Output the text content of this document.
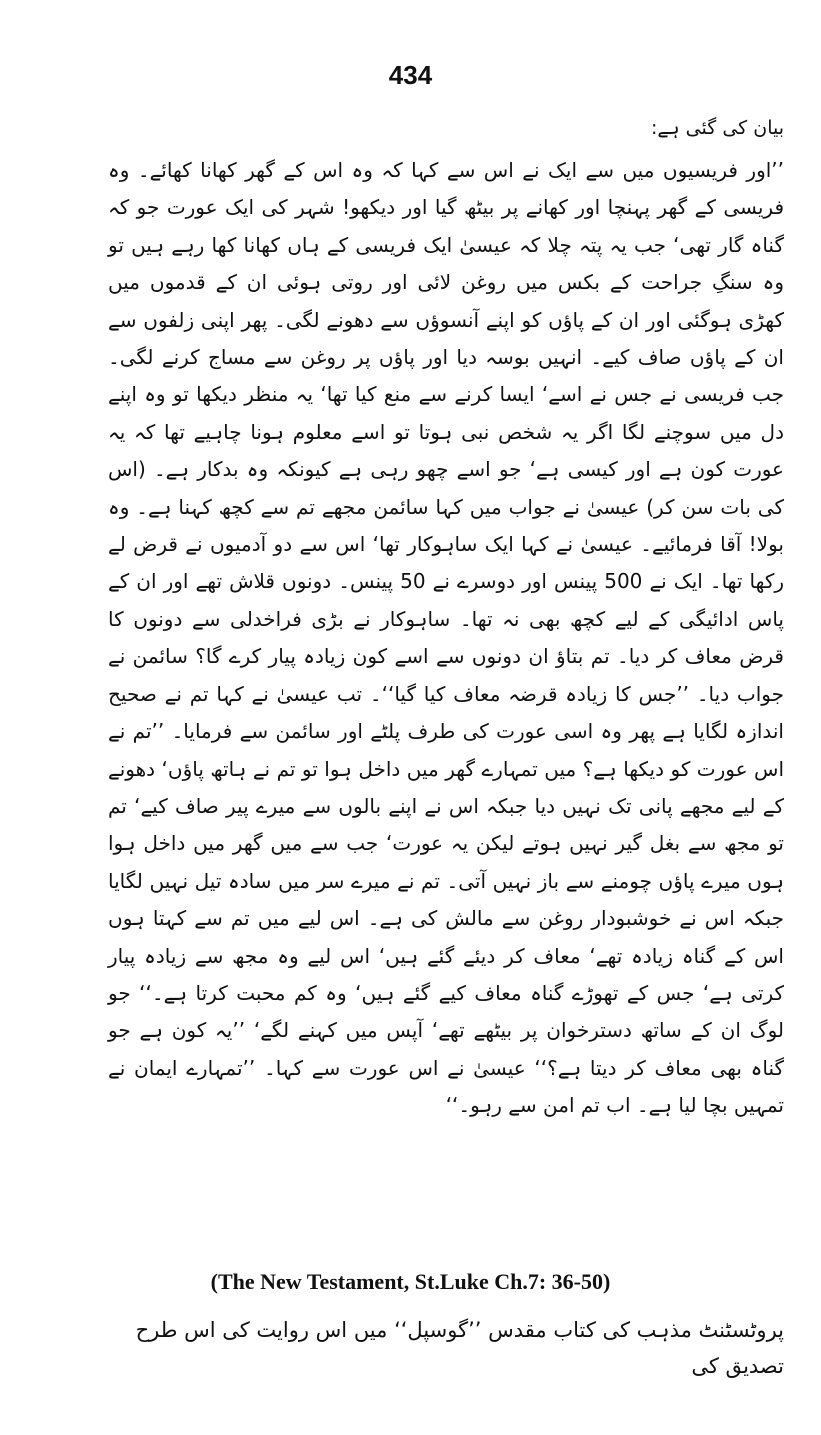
434
بیان کی گئی ہے:
’’اور فریسیوں میں سے ایک نے اس سے کہا کہ وہ اس کے گھر کھانا کھائے۔ وہ فریسی کے گھر پہنچا اور کھانے پر بیٹھ گیا اور دیکھو! شہر کی ایک عورت جو کہ گناہ گار تھی‘ جب یہ پتہ چلا کہ عیسیٰ ایک فریسی کے ہاں کھانا کھا رہے ہیں تو وہ سنگِ جراحت کے بکس میں روغن لائی اور روتی ہوئی ان کے قدموں میں کھڑی ہوگئی اور ان کے پاؤں کو اپنے آنسوؤں سے دھونے لگی۔ پھر اپنی زلفوں سے ان کے پاؤں صاف کیے۔ انہیں بوسہ دیا اور پاؤں پر روغن سے مساج کرنے لگی۔ جب فریسی نے جس نے اسے‘ ایسا کرنے سے منع کیا تھا‘ یہ منظر دیکھا تو وہ اپنے دل میں سوچنے لگا اگر یہ شخص نبی ہوتا تو اسے معلوم ہونا چاہیے تھا کہ یہ عورت کون ہے اور کیسی ہے‘ جو اسے چھو رہی ہے کیونکہ وہ بدکار ہے۔ (اس کی بات سن کر) عیسیٰ نے جواب میں کہا سائمن مجھے تم سے کچھ کہنا ہے۔ وہ بولا! آقا فرمائیے۔ عیسیٰ نے کہا ایک ساہوکار تھا‘ اس سے دو آدمیوں نے قرض لے رکھا تھا۔ ایک نے 500 پینس اور دوسرے نے 50 پینس۔ دونوں قلاش تھے اور ان کے پاس ادائیگی کے لیے کچھ بھی نہ تھا۔ ساہوکار نے بڑی فراخدلی سے دونوں کا قرض معاف کر دیا۔ تم بتاؤ ان دونوں سے اسے کون زیادہ پیار کرے گا؟ سائمن نے جواب دیا۔ ’’جس کا زیادہ قرضہ معاف کیا گیا‘‘۔ تب عیسیٰ نے کہا تم نے صحیح اندازہ لگایا ہے پھر وہ اسی عورت کی طرف پلٹے اور سائمن سے فرمایا۔ ’’تم نے اس عورت کو دیکھا ہے؟ میں تمہارے گھر میں داخل ہوا تو تم نے ہاتھ پاؤں‘ دھونے کے لیے مجھے پانی تک نہیں دیا جبکہ اس نے اپنے بالوں سے میرے پیر صاف کیے‘ تم تو مجھ سے بغل گیر نہیں ہوتے لیکن یہ عورت‘ جب سے میں گھر میں داخل ہوا ہوں میرے پاؤں چومنے سے باز نہیں آتی۔ تم نے میرے سر میں سادہ تیل نہیں لگایا جبکہ اس نے خوشبودار روغن سے مالش کی ہے۔ اس لیے میں تم سے کہتا ہوں اس کے گناہ زیادہ تھے‘ معاف کر دیئے گئے ہیں‘ اس لیے وہ مجھ سے زیادہ پیار کرتی ہے‘ جس کے تھوڑے گناہ معاف کیے گئے ہیں‘ وہ کم محبت کرتا ہے۔‘‘ جو لوگ ان کے ساتھ دسترخوان پر بیٹھے تھے‘ آپس میں کہنے لگے‘ ’’یہ کون ہے جو گناہ بھی معاف کر دیتا ہے؟‘‘ عیسیٰ نے اس عورت سے کہا۔ ’’تمہارے ایمان نے تمہیں بچا لیا ہے۔ اب تم امن سے رہو۔‘‘
(The New Testament, St.Luke Ch.7: 36-50)
پروٹسٹنٹ مذہب کی کتاب مقدس ’’گوسپل‘‘ میں اس روایت کی اس طرح تصدیق کی
